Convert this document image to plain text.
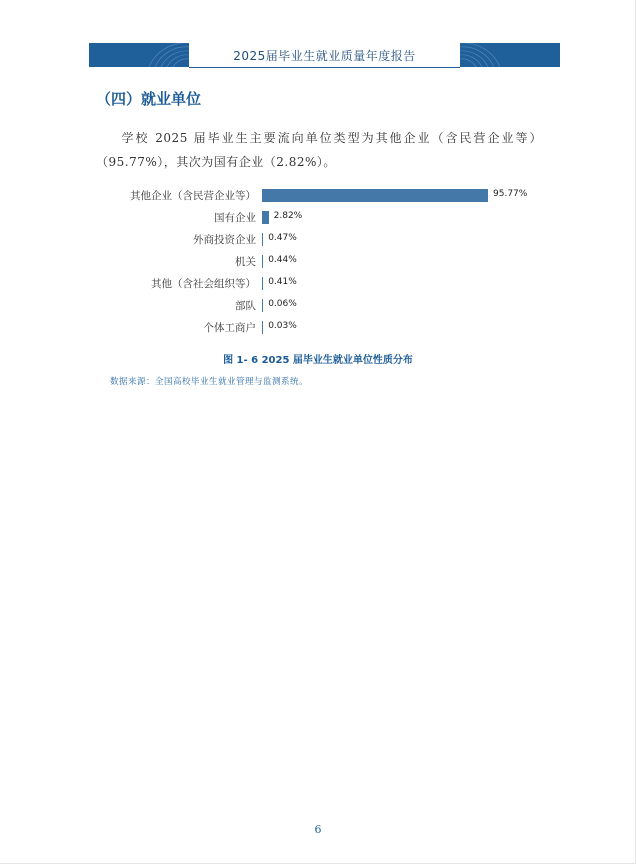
2025届毕业生就业质量年度报告
（四）就业单位
学校 2025 届毕业生主要流向单位类型为其他企业（含民营企业等）（95.77%），其次为国有企业（2.82%）。
其他企业（含民营企业等）	95.77%
国有企业 2.82%
外商投资企业 0.47%
机关 0.44%
其他（含社会组织等） 0.41%
部队 0.06%
个体工商户 0.03%
图 1- 6 2025 届毕业生就业单位性质分布
数据来源：全国高校毕业生就业管理与监测系统。
6
